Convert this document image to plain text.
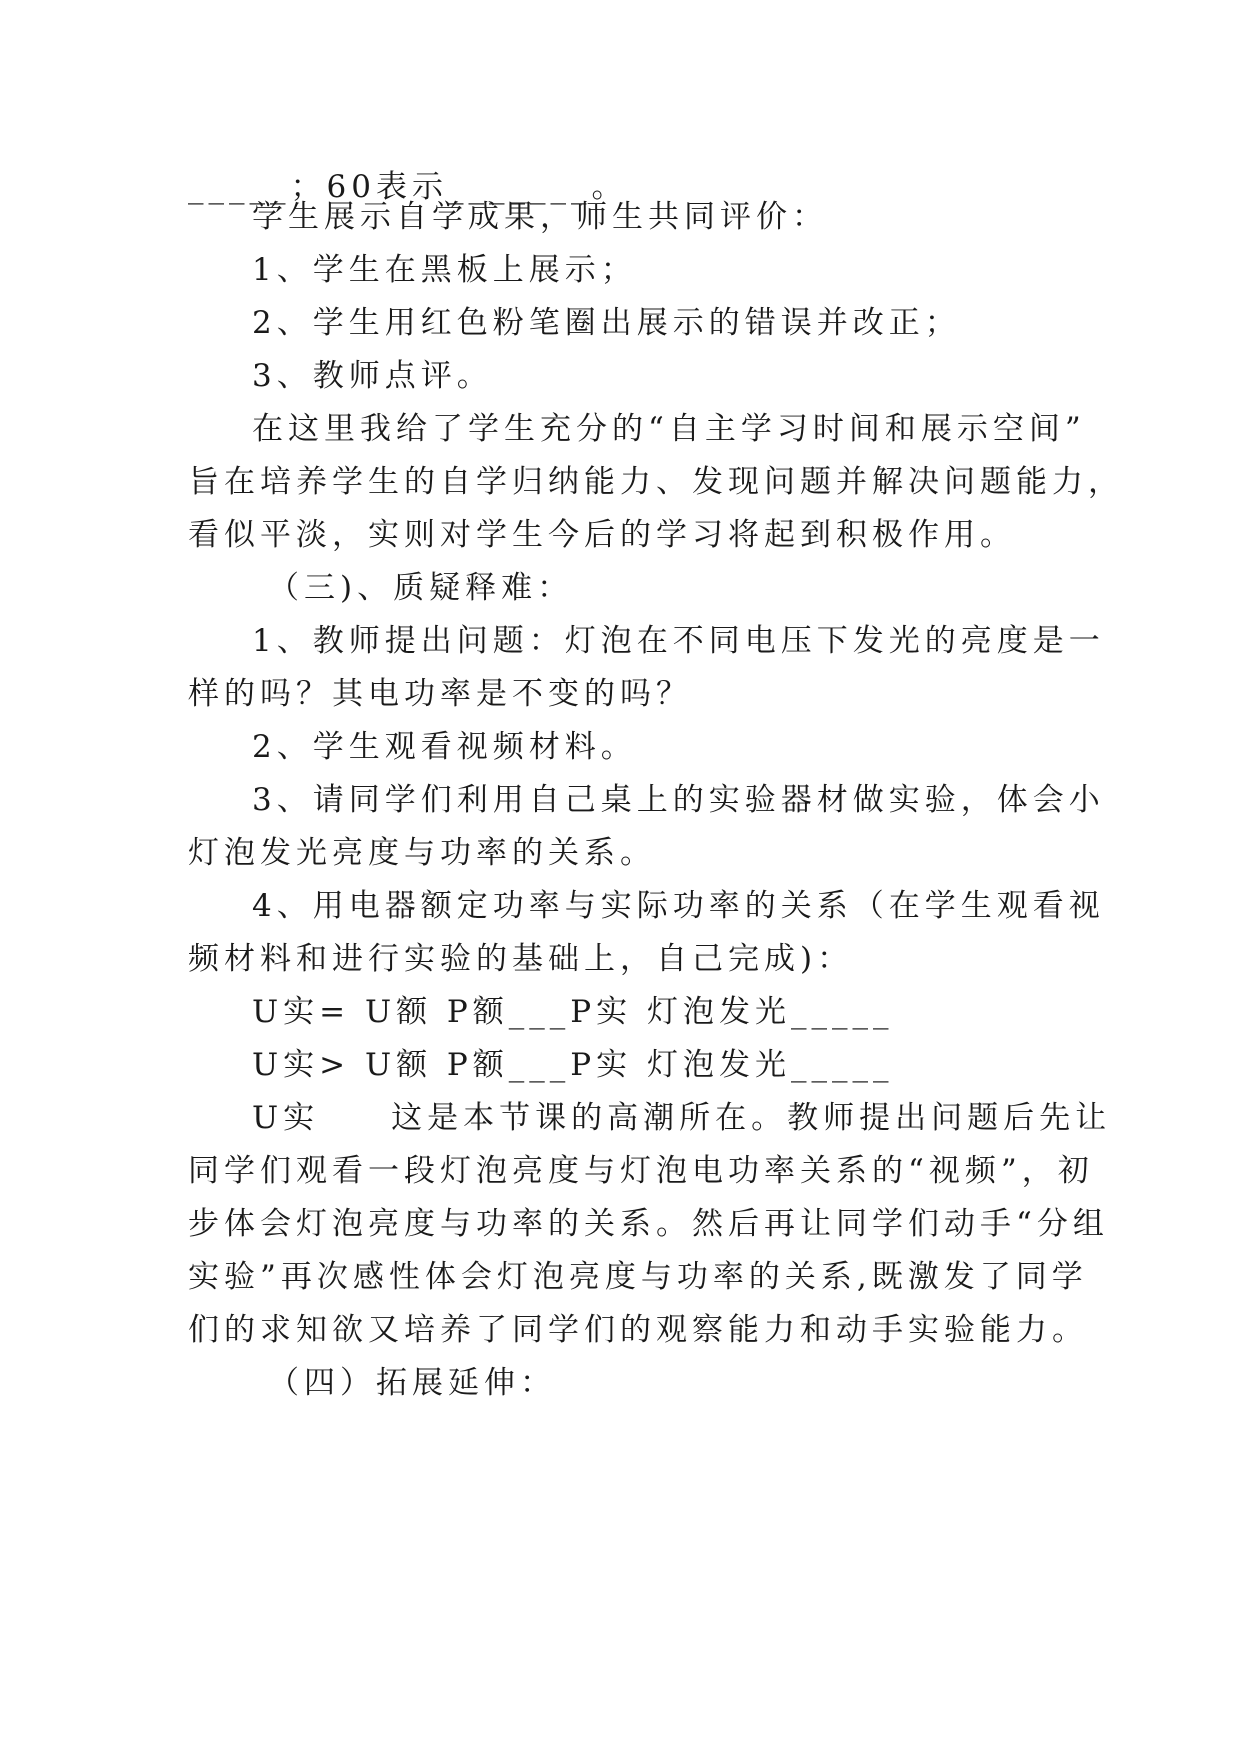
_____；60表示_______。
学生展示自学成果，师生共同评价：
1、学生在黑板上展示；
2、学生用红色粉笔圈出展示的错误并改正；
3、教师点评。
在这里我给了学生充分的“自主学习时间和展示空间”
旨在培养学生的自学归纳能力、发现问题并解决问题能力，
看似平淡，实则对学生今后的学习将起到积极作用。
（三)、质疑释难：
1、教师提出问题：灯泡在不同电压下发光的亮度是一
样的吗？其电功率是不变的吗？
2、学生观看视频材料。
3、请同学们利用自己桌上的实验器材做实验，体会小
灯泡发光亮度与功率的关系。
4、用电器额定功率与实际功率的关系（在学生观看视
频材料和进行实验的基础上，自己完成)：
U实= U额 P额___P实 灯泡发光_____
U实> U额 P额___P实 灯泡发光_____
U实　　这是本节课的高潮所在。教师提出问题后先让
同学们观看一段灯泡亮度与灯泡电功率关系的“视频”，初
步体会灯泡亮度与功率的关系。然后再让同学们动手“分组
实验”再次感性体会灯泡亮度与功率的关系,既激发了同学
们的求知欲又培养了同学们的观察能力和动手实验能力。
（四）拓展延伸：
